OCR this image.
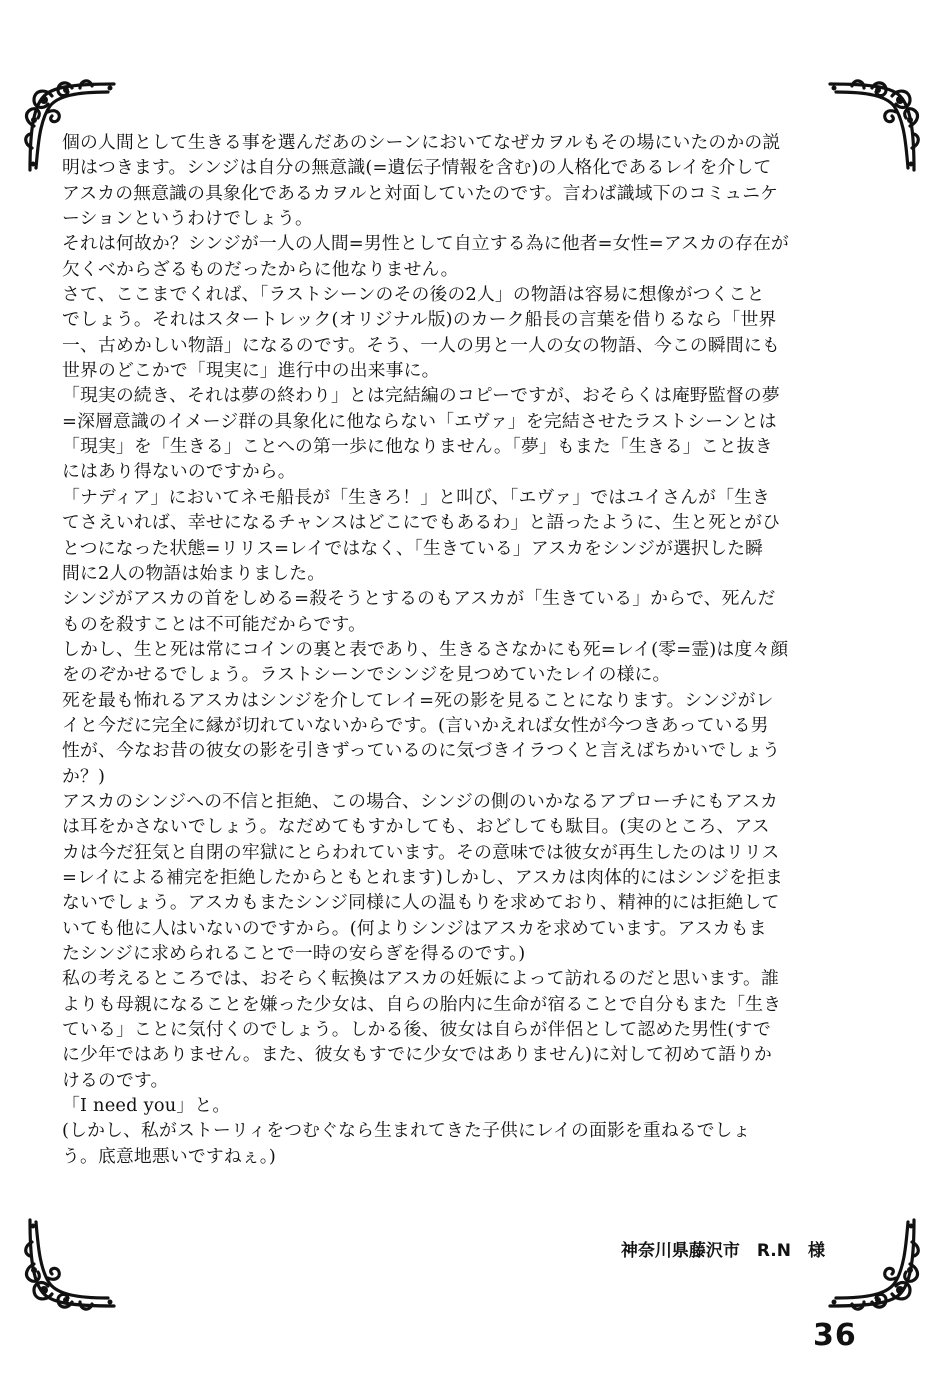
個の人間として生きる事を選んだあのシーンにおいてなぜカヲルもその場にいたのかの説
明はつきます。シンジは自分の無意識(=遺伝子情報を含む)の人格化であるレイを介して
アスカの無意識の具象化であるカヲルと対面していたのです。言わば識域下のコミュニケ
ーションというわけでしょう。
それは何故か？シンジが一人の人間=男性として自立する為に他者=女性=アスカの存在が
欠くべからざるものだったからに他なりません。
さて、ここまでくれば、「ラストシーンのその後の2人」の物語は容易に想像がつくこと
でしょう。それはスタートレック(オリジナル版)のカーク船長の言葉を借りるなら「世界
一、古めかしい物語」になるのです。そう、一人の男と一人の女の物語、今この瞬間にも
世界のどこかで「現実に」進行中の出来事に。
「現実の続き、それは夢の終わり」とは完結編のコピーですが、おそらくは庵野監督の夢
=深層意識のイメージ群の具象化に他ならない「エヴァ」を完結させたラストシーンとは
「現実」を「生きる」ことへの第一歩に他なりません。「夢」もまた「生きる」こと抜き
にはあり得ないのですから。
「ナディア」においてネモ船長が「生きろ！」と叫び、「エヴァ」ではユイさんが「生き
てさえいれば、幸せになるチャンスはどこにでもあるわ」と語ったように、生と死とがひ
とつになった状態=リリス=レイではなく、「生きている」アスカをシンジが選択した瞬
間に2人の物語は始まりました。
シンジがアスカの首をしめる=殺そうとするのもアスカが「生きている」からで、死んだ
ものを殺すことは不可能だからです。
しかし、生と死は常にコインの裏と表であり、生きるさなかにも死=レイ(零=霊)は度々顔
をのぞかせるでしょう。ラストシーンでシンジを見つめていたレイの様に。
死を最も怖れるアスカはシンジを介してレイ=死の影を見ることになります。シンジがレ
イと今だに完全に縁が切れていないからです。(言いかえれば女性が今つきあっている男
性が、今なお昔の彼女の影を引きずっているのに気づきイラつくと言えばちかいでしょう
か？)
アスカのシンジへの不信と拒絶、この場合、シンジの側のいかなるアプローチにもアスカ
は耳をかさないでしょう。なだめてもすかしても、おどしても駄目。(実のところ、アス
カは今だ狂気と自閉の牢獄にとらわれています。その意味では彼女が再生したのはリリス
=レイによる補完を拒絶したからともとれます)しかし、アスカは肉体的にはシンジを拒ま
ないでしょう。アスカもまたシンジ同様に人の温もりを求めており、精神的には拒絶して
いても他に人はいないのですから。(何よりシンジはアスカを求めています。アスカもま
たシンジに求められることで一時の安らぎを得るのです。)
私の考えるところでは、おそらく転換はアスカの妊娠によって訪れるのだと思います。誰
よりも母親になることを嫌った少女は、自らの胎内に生命が宿ることで自分もまた「生き
ている」ことに気付くのでしょう。しかる後、彼女は自らが伴侶として認めた男性(すで
に少年ではありません。また、彼女もすでに少女ではありません)に対して初めて語りか
けるのです。
「I need you」と。
(しかし、私がストーリィをつむぐなら生まれてきた子供にレイの面影を重ねるでしょ
う。底意地悪いですねぇ。)
神奈川県藤沢市　R.N　様
36
